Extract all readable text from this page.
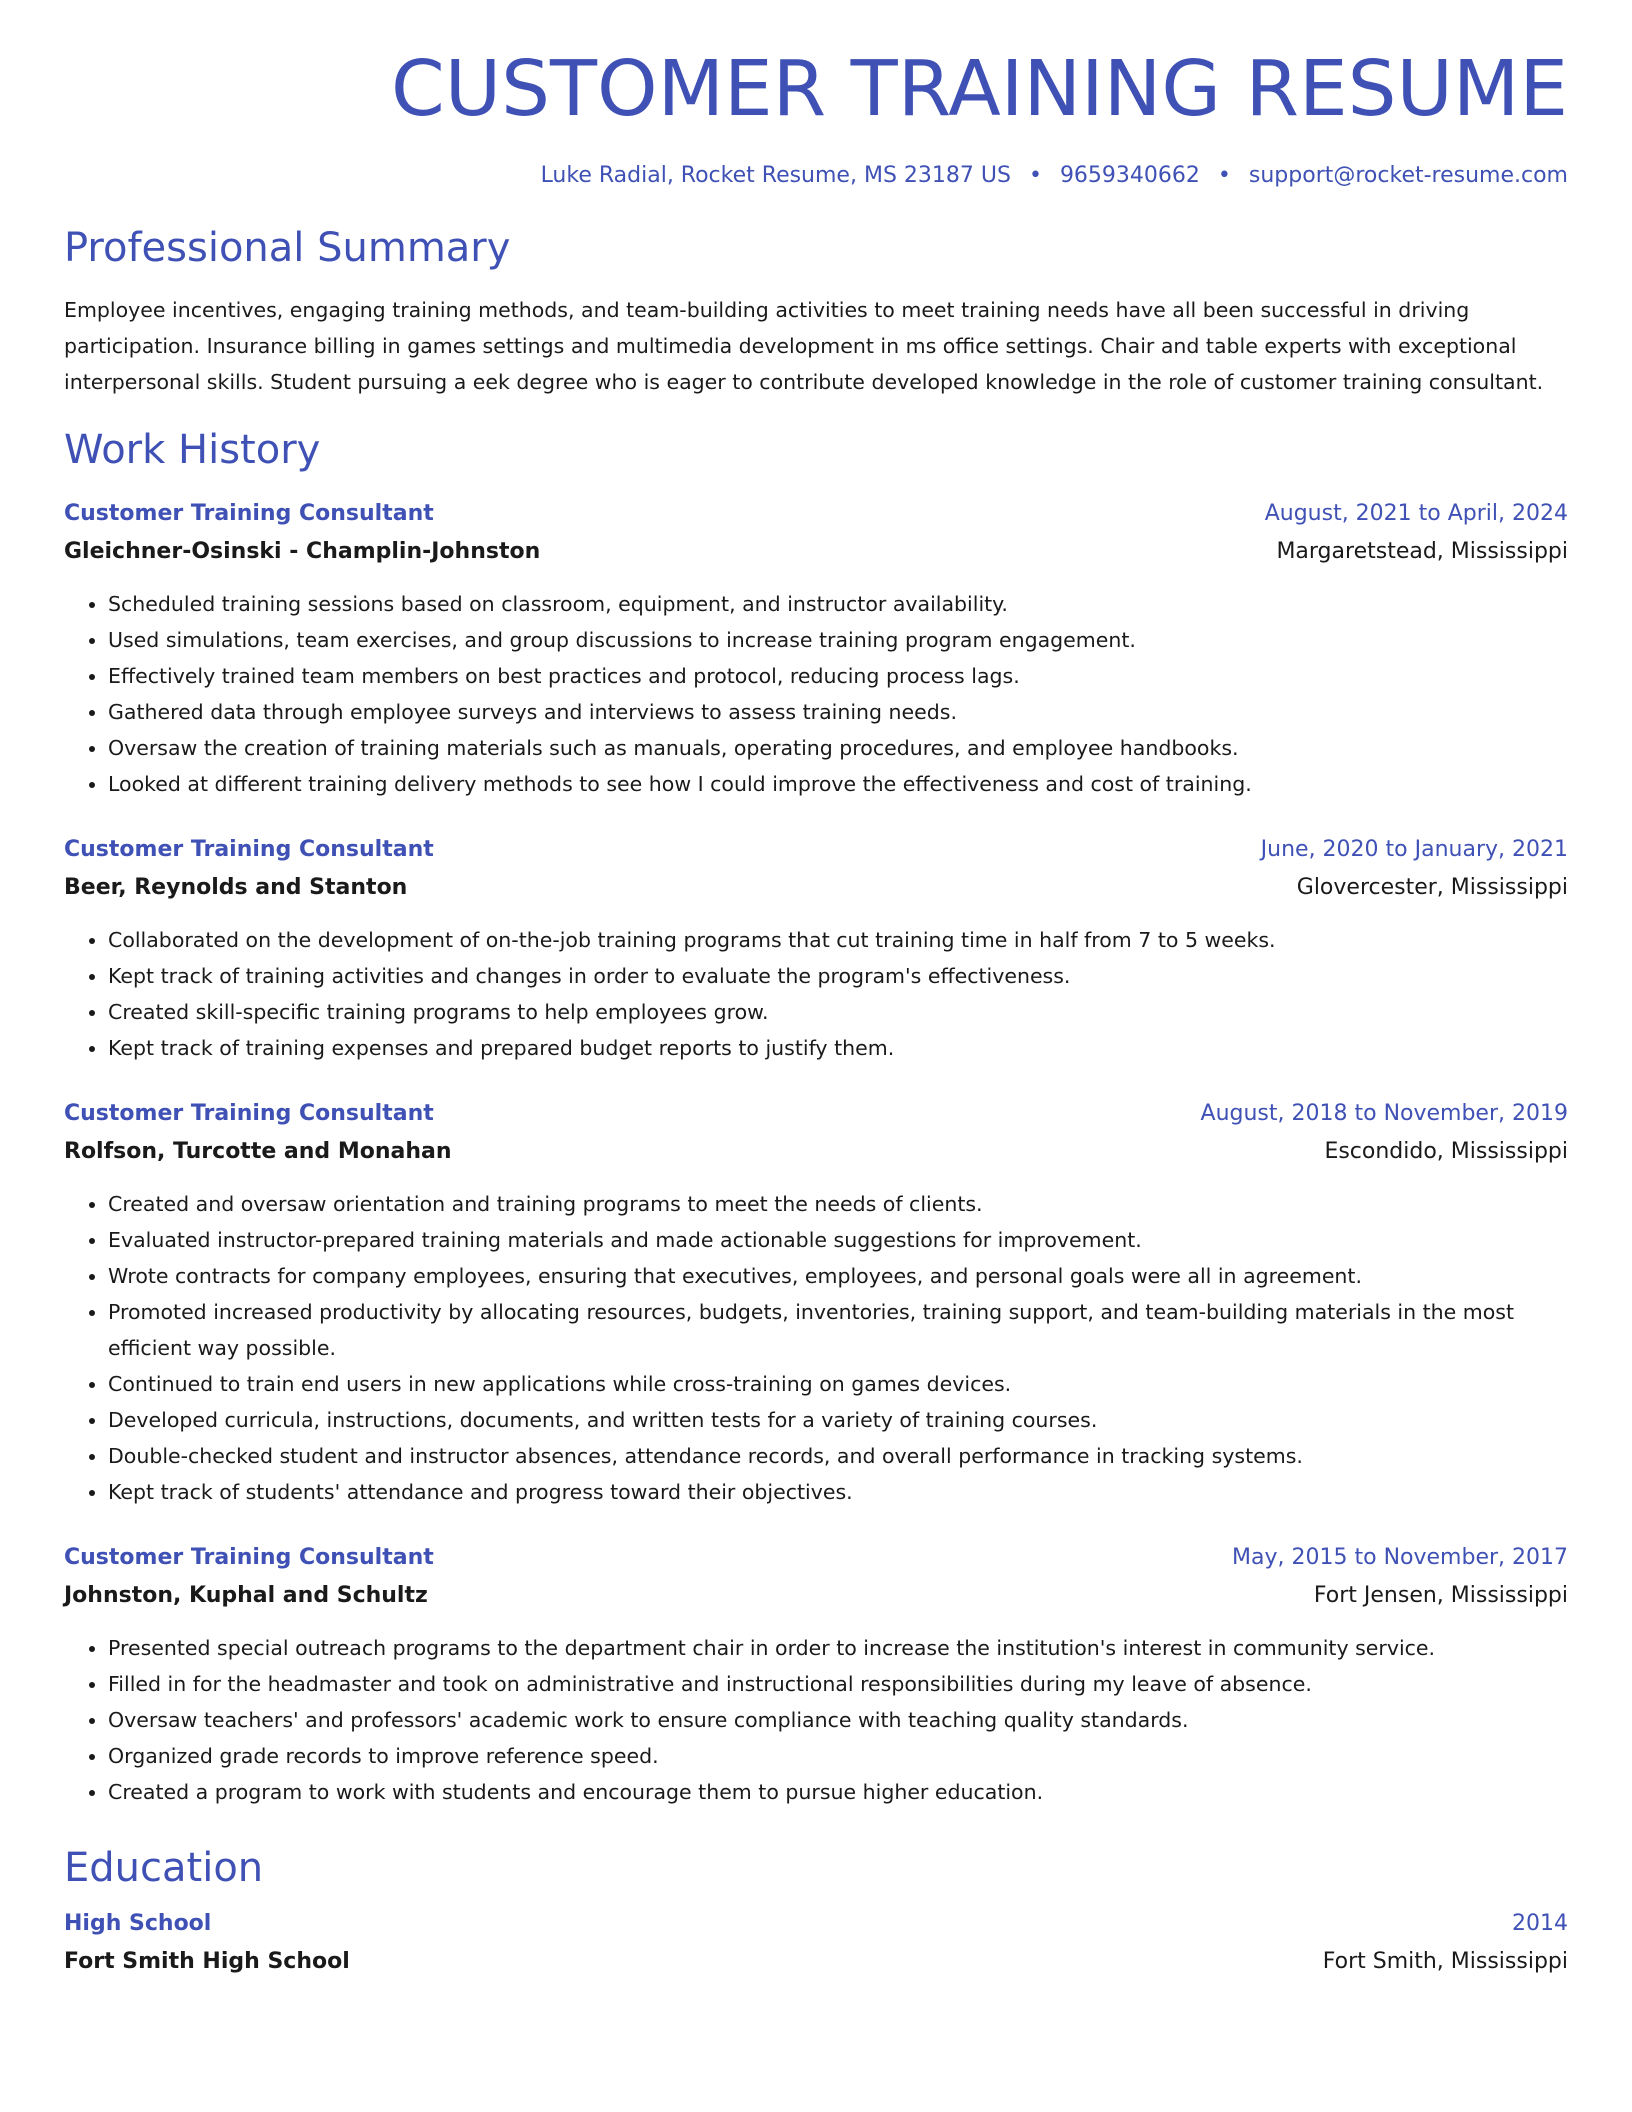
CUSTOMER TRAINING RESUME
Luke Radial, Rocket Resume, MS 23187 US • 9659340662 • support@rocket-resume.com
Professional Summary
Employee incentives, engaging training methods, and team-building activities to meet training needs have all been successful in driving participation. Insurance billing in games settings and multimedia development in ms office settings. Chair and table experts with exceptional interpersonal skills. Student pursuing a eek degree who is eager to contribute developed knowledge in the role of customer training consultant.
Work History
Customer Training Consultant	August, 2021 to April, 2024
Gleichner-Osinski - Champlin-Johnston	Margaretstead, Mississippi
• Scheduled training sessions based on classroom, equipment, and instructor availability.
• Used simulations, team exercises, and group discussions to increase training program engagement.
• Effectively trained team members on best practices and protocol, reducing process lags.
• Gathered data through employee surveys and interviews to assess training needs.
• Oversaw the creation of training materials such as manuals, operating procedures, and employee handbooks.
• Looked at different training delivery methods to see how I could improve the effectiveness and cost of training.
Customer Training Consultant	June, 2020 to January, 2021
Beer, Reynolds and Stanton	Glovercester, Mississippi
• Collaborated on the development of on-the-job training programs that cut training time in half from 7 to 5 weeks.
• Kept track of training activities and changes in order to evaluate the program's effectiveness.
• Created skill-specific training programs to help employees grow.
• Kept track of training expenses and prepared budget reports to justify them.
Customer Training Consultant	August, 2018 to November, 2019
Rolfson, Turcotte and Monahan	Escondido, Mississippi
• Created and oversaw orientation and training programs to meet the needs of clients.
• Evaluated instructor-prepared training materials and made actionable suggestions for improvement.
• Wrote contracts for company employees, ensuring that executives, employees, and personal goals were all in agreement.
• Promoted increased productivity by allocating resources, budgets, inventories, training support, and team-building materials in the most efficient way possible.
• Continued to train end users in new applications while cross-training on games devices.
• Developed curricula, instructions, documents, and written tests for a variety of training courses.
• Double-checked student and instructor absences, attendance records, and overall performance in tracking systems.
• Kept track of students' attendance and progress toward their objectives.
Customer Training Consultant	May, 2015 to November, 2017
Johnston, Kuphal and Schultz	Fort Jensen, Mississippi
• Presented special outreach programs to the department chair in order to increase the institution's interest in community service.
• Filled in for the headmaster and took on administrative and instructional responsibilities during my leave of absence.
• Oversaw teachers' and professors' academic work to ensure compliance with teaching quality standards.
• Organized grade records to improve reference speed.
• Created a program to work with students and encourage them to pursue higher education.
Education
High School	2014
Fort Smith High School	Fort Smith, Mississippi
